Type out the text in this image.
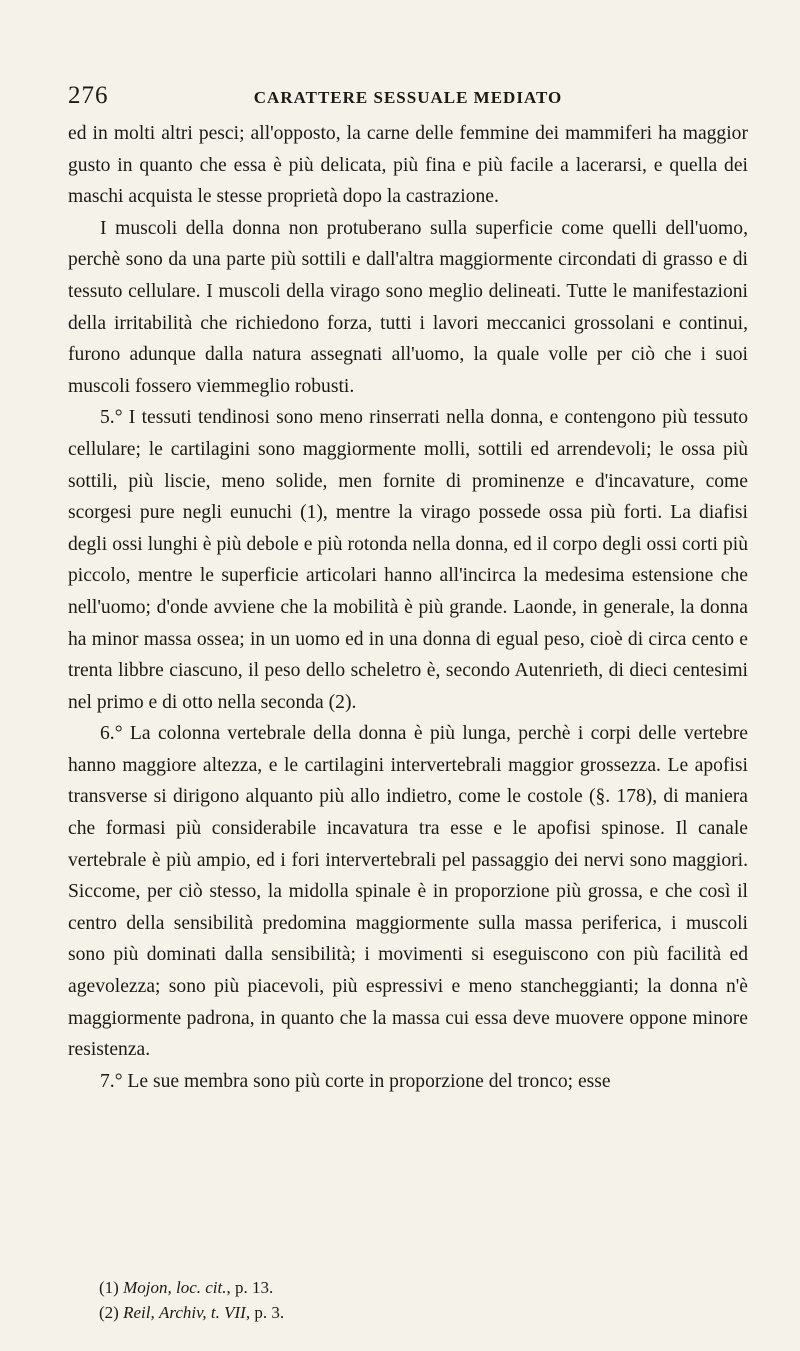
276	CARATTERE SESSUALE MEDIATO

ed in molti altri pesci; all'opposto, la carne delle femmine dei mammiferi ha maggior gusto in quanto che essa è più delicata, più fina e più facile a lacerarsi, e quella dei maschi acquista le stesse proprietà dopo la castrazione.

I muscoli della donna non protuberano sulla superficie come quelli dell'uomo, perchè sono da una parte più sottili e dall'altra maggiormente circondati di grasso e di tessuto cellulare. I muscoli della virago sono meglio delineati. Tutte le manifestazioni della irritabilità che richiedono forza, tutti i lavori meccanici grossolani e continui, furono adunque dalla natura assegnati all'uomo, la quale volle per ciò che i suoi muscoli fossero viemmeglio robusti.

5.° I tessuti tendinosi sono meno rinserrati nella donna, e contengono più tessuto cellulare; le cartilagini sono maggiormente molli, sottili ed arrendevoli; le ossa più sottili, più liscie, meno solide, men fornite di prominenze e d'incavature, come scorgesi pure negli eunuchi (1), mentre la virago possede ossa più forti. La diafisi degli ossi lunghi è più debole e più rotonda nella donna, ed il corpo degli ossi corti più piccolo, mentre le superficie articolari hanno all'incirca la medesima estensione che nell'uomo; d'onde avviene che la mobilità è più grande. Laonde, in generale, la donna ha minor massa ossea; in un uomo ed in una donna di egual peso, cioè di circa cento e trenta libbre ciascuno, il peso dello scheletro è, secondo Autenrieth, di dieci centesimi nel primo e di otto nella seconda (2).

6.° La colonna vertebrale della donna è più lunga, perchè i corpi delle vertebre hanno maggiore altezza, e le cartilagini intervertebrali maggior grossezza. Le apofisi transverse si dirigono alquanto più allo indietro, come le costole (§. 178), di maniera che formasi più considerabile incavatura tra esse e le apofisi spinose. Il canale vertebrale è più ampio, ed i fori intervertebrali pel passaggio dei nervi sono maggiori. Siccome, per ciò stesso, la midolla spinale è in proporzione più grossa, e che così il centro della sensibilità predomina maggiormente sulla massa periferica, i muscoli sono più dominati dalla sensibilità; i movimenti si eseguiscono con più facilità ed agevolezza; sono più piacevoli, più espressivi e meno stancheggianti; la donna n'è maggiormente padrona, in quanto che la massa cui essa deve muovere oppone minore resistenza.

7.° Le sue membra sono più corte in proporzione del tronco; esse

(1) Mojon, loc. cit., p. 13.
(2) Reil, Archiv, t. VII, p. 3.
